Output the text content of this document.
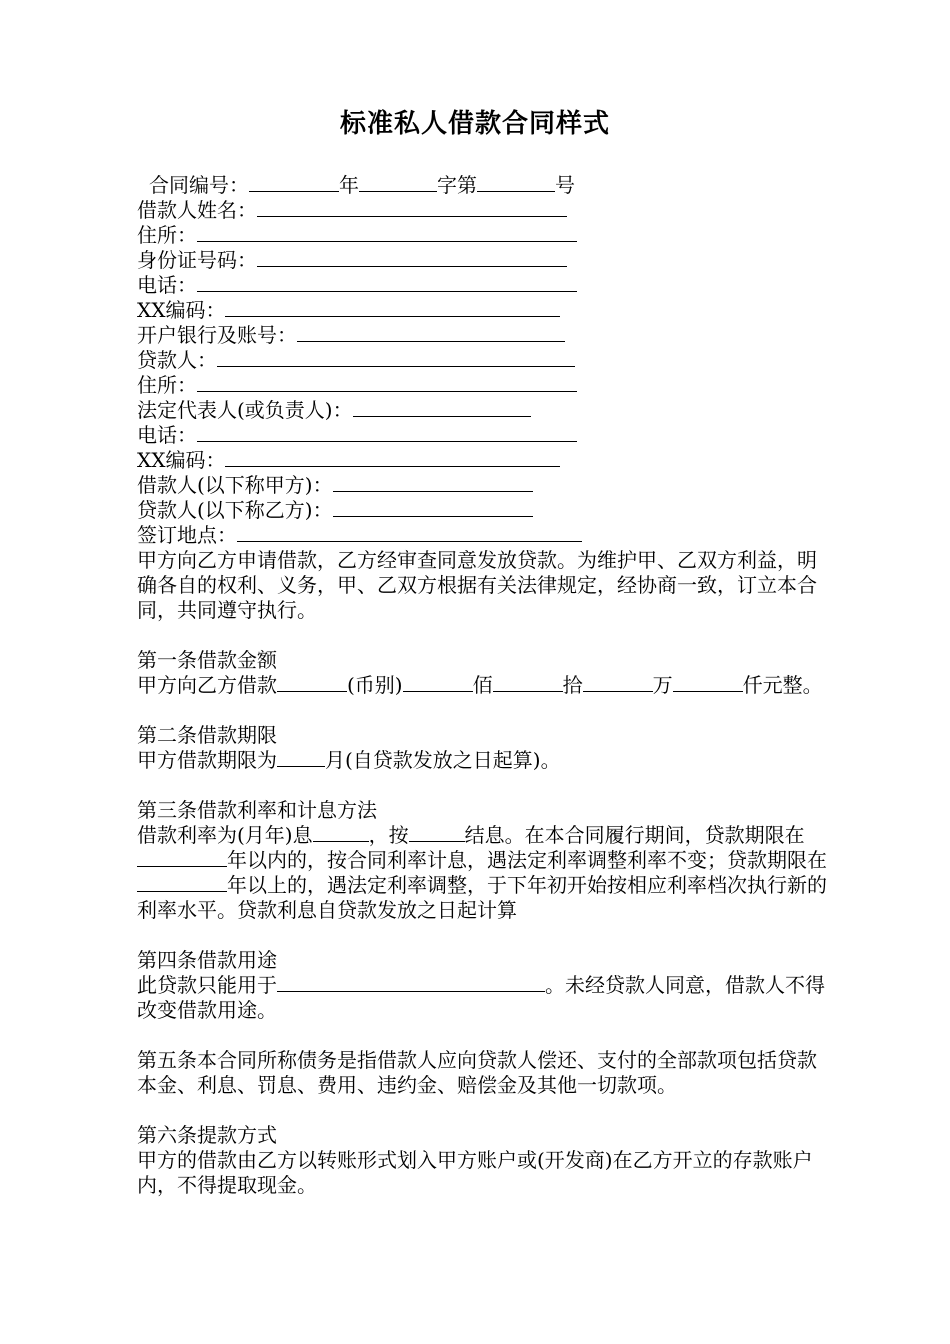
标准私人借款合同样式
合同编号：	年	字第	号
借款人姓名：
住所：
身份证号码：
电话：
XX编码：
开户银行及账号：
贷款人：
住所：
法定代表人(或负责人)：
电话：
XX编码：
借款人(以下称甲方)：
贷款人(以下称乙方)：
签订地点：
甲方向乙方申请借款，乙方经审查同意发放贷款。为维护甲、乙双方利益，明确各自的权利、义务，甲、乙双方根据有关法律规定，经协商一致，订立本合同，共同遵守执行。
第一条借款金额
甲方向乙方借款	(币别)	佰	拾	万	仟元整。
第二条借款期限
甲方借款期限为 月(自贷款发放之日起算)。
第三条借款利率和计息方法
借款利率为(月年)息	，按	结息。在本合同履行期间，贷款期限在年以内的，按合同利率计息，遇法定利率调整利率不变；贷款期限在年以上的，遇法定利率调整，于下年初开始按相应利率档次执行新的利率水平。贷款利息自贷款发放之日起计算
第四条借款用途
此贷款只能用于	。未经贷款人同意，借款人不得改变借款用途。
第五条本合同所称债务是指借款人应向贷款人偿还、支付的全部款项包括贷款本金、利息、罚息、费用、违约金、赔偿金及其他一切款项。
第六条提款方式
甲方的借款由乙方以转账形式划入甲方账户或(开发商)在乙方开立的存款账户内，不得提取现金。
